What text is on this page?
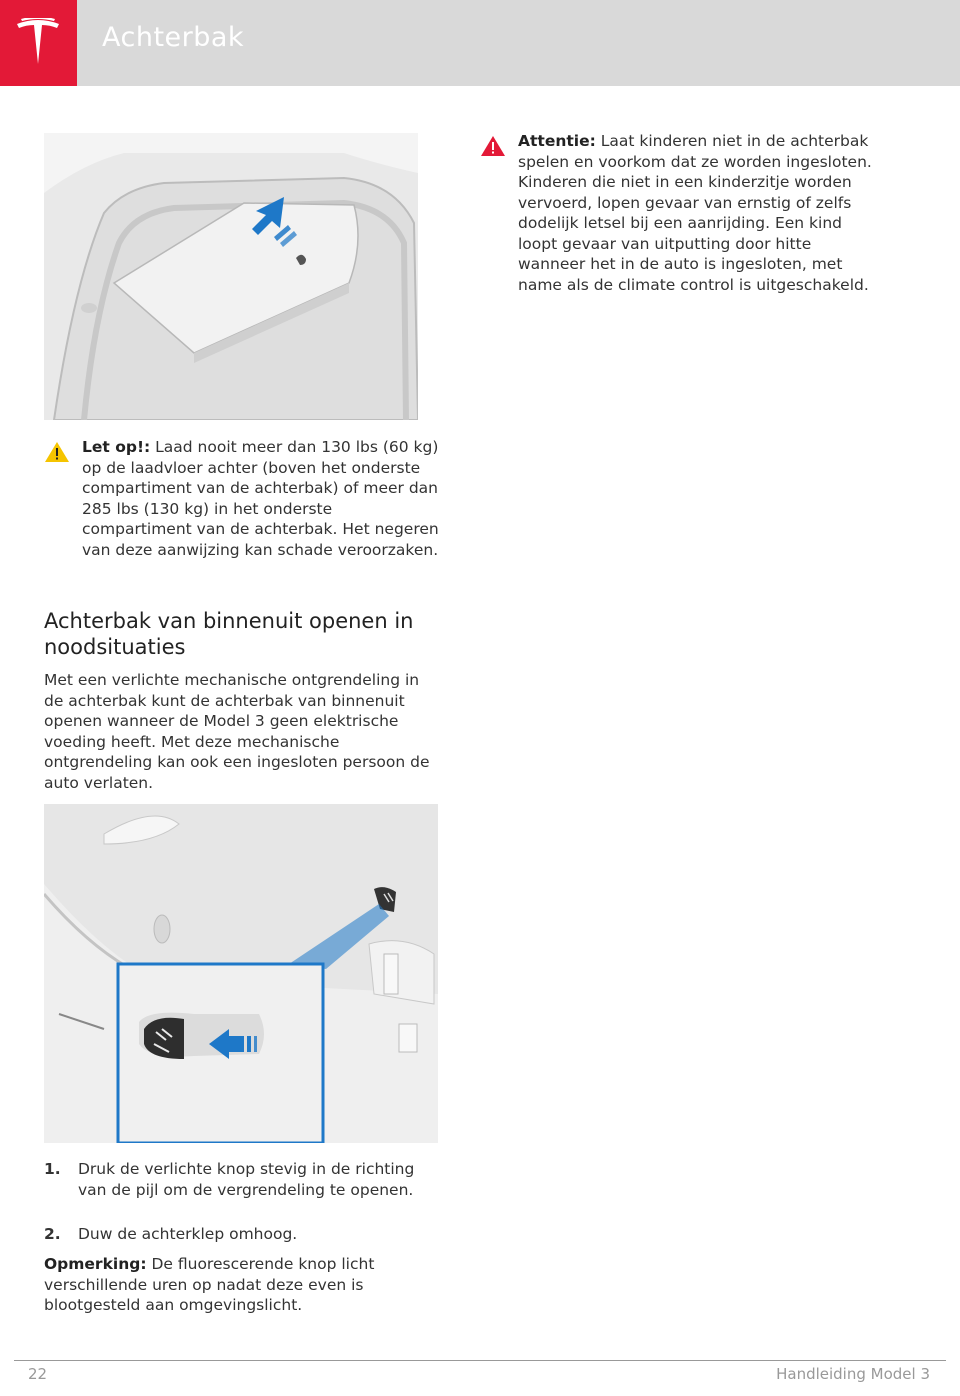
Achterbak
Let op!: Laad nooit meer dan 130 lbs (60 kg) op de laadvloer achter (boven het onderste compartiment van de achterbak) of meer dan 285 lbs (130 kg) in het onderste compartiment van de achterbak. Het negeren van deze aanwijzing kan schade veroorzaken.
Achterbak van binnenuit openen in noodsituaties

Met een verlichte mechanische ontgrendeling in de achterbak kunt de achterbak van binnenuit openen wanneer de Model 3 geen elektrische voeding heeft. Met deze mechanische ontgrendeling kan ook een ingesloten persoon de auto verlaten.

1. Druk de verlichte knop stevig in de richting van de pijl om de vergrendeling te openen.
2. Duw de achterklep omhoog.

Opmerking: De fluorescerende knop licht verschillende uren op nadat deze even is blootgesteld aan omgevingslicht.

Attentie: Laat kinderen niet in de achterbak spelen en voorkom dat ze worden ingesloten. Kinderen die niet in een kinderzitje worden vervoerd, lopen gevaar van ernstig of zelfs dodelijk letsel bij een aanrijding. Een kind loopt gevaar van uitputting door hitte wanneer het in de auto is ingesloten, met name als de climate control is uitgeschakeld.
22	Handleiding Model 3
